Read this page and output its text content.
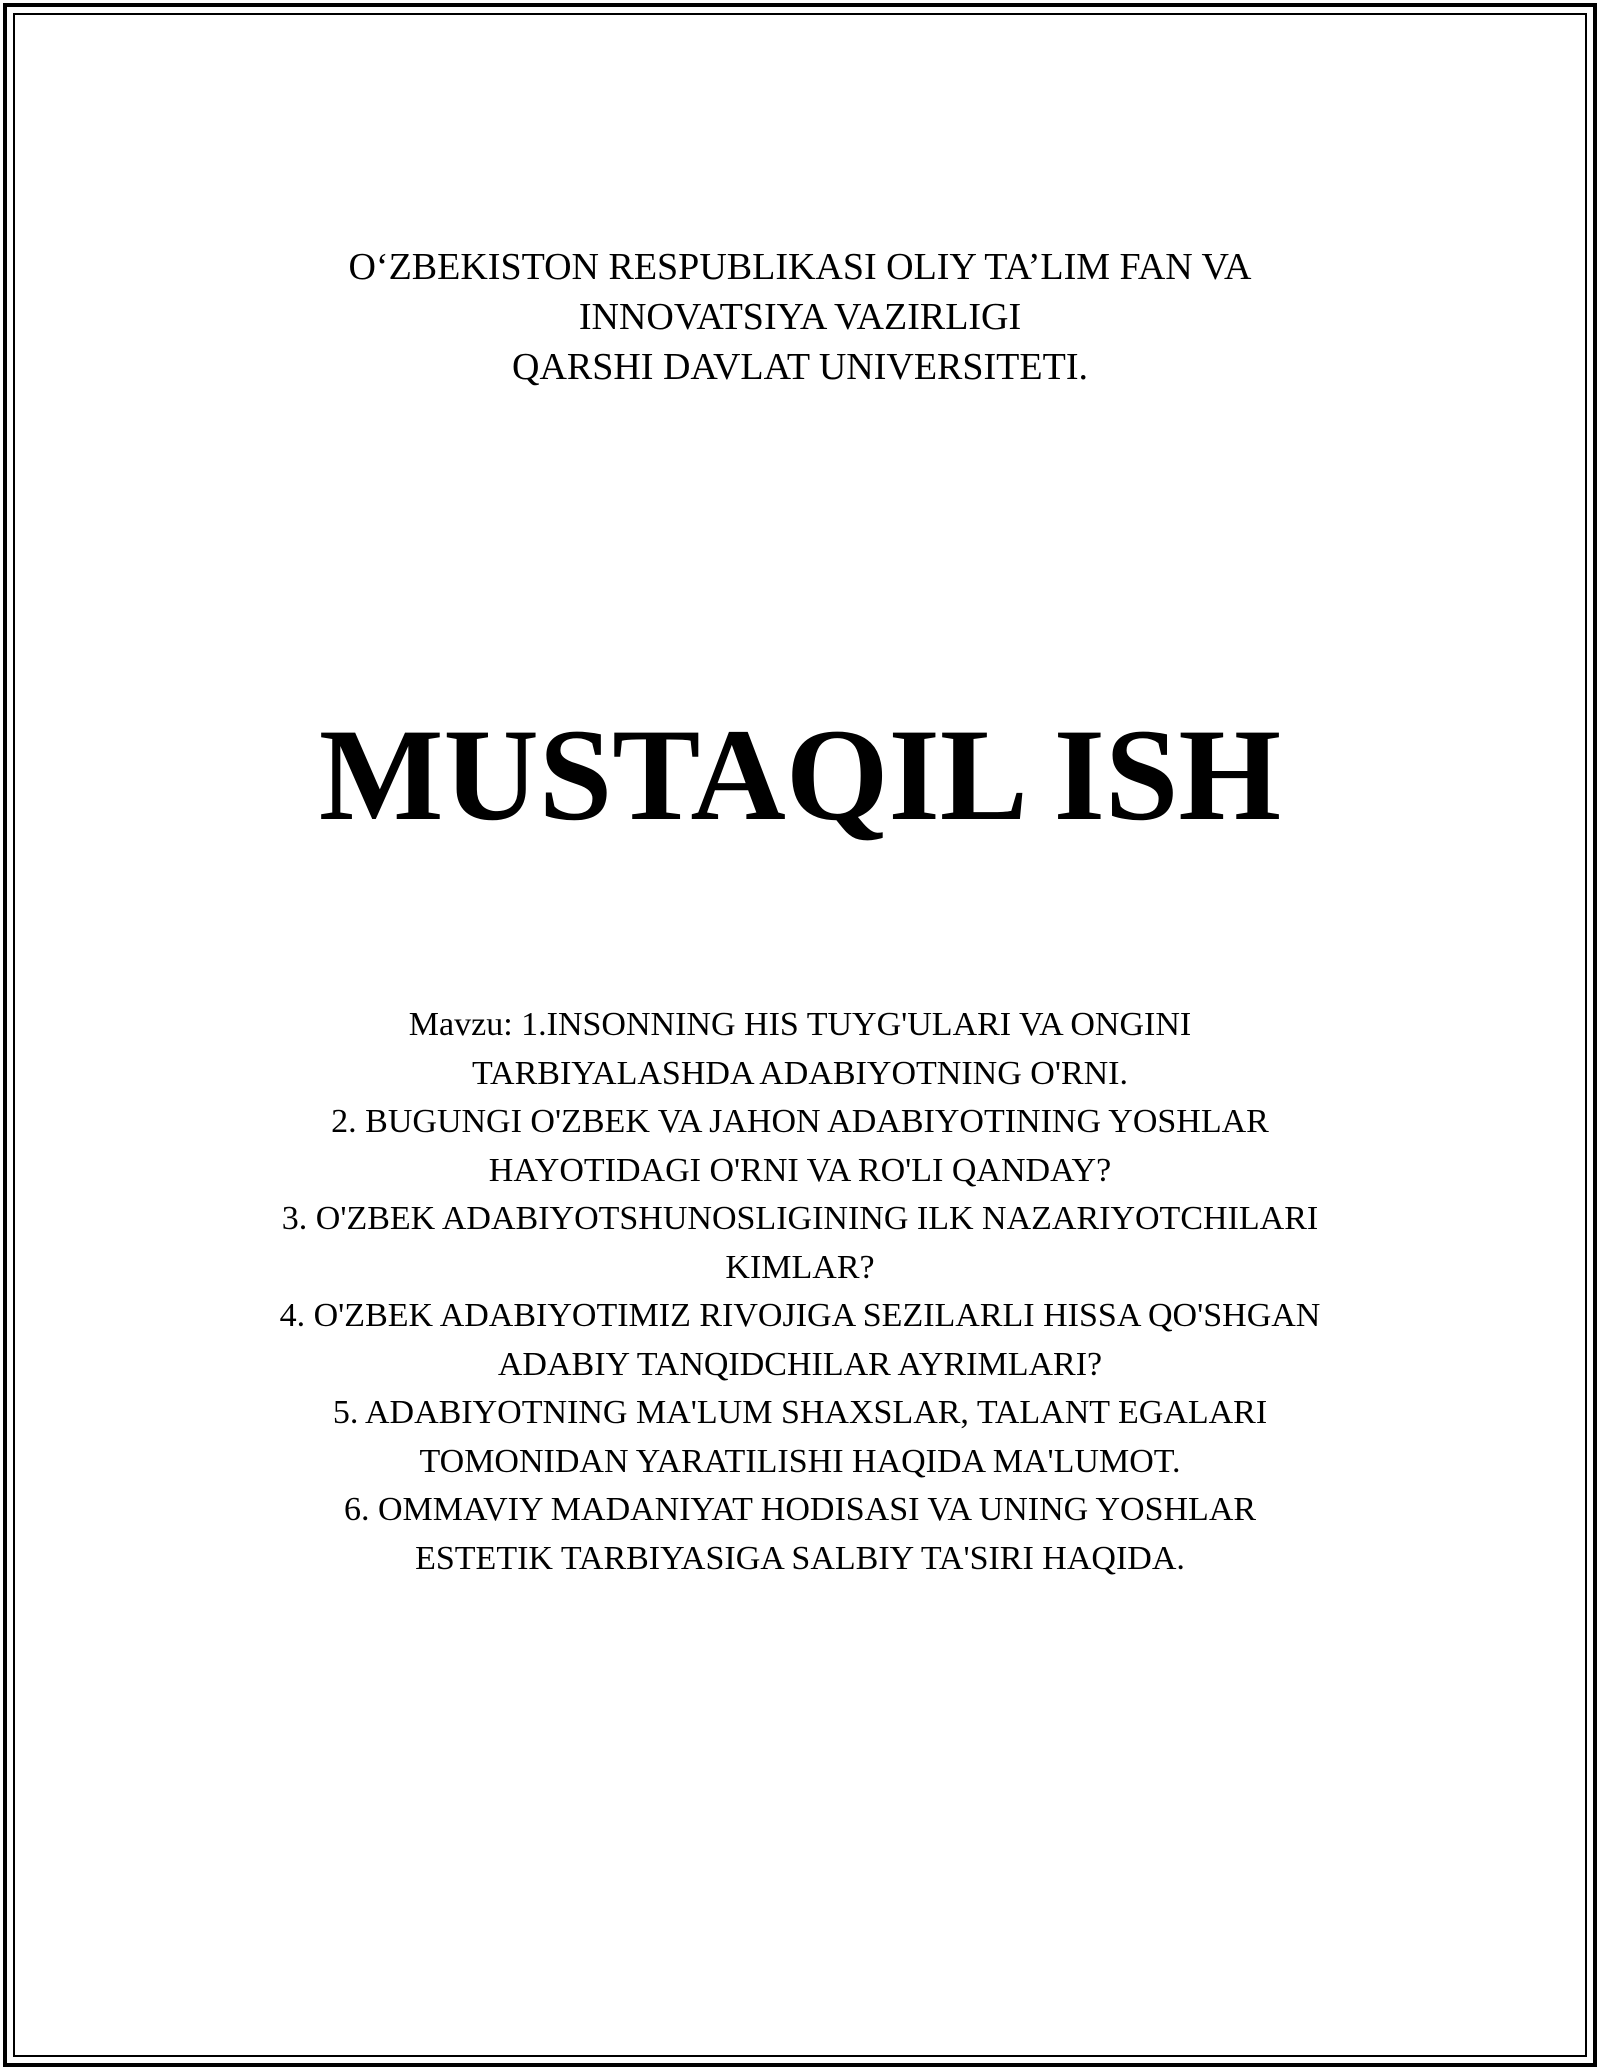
O‘ZBEKISTON RESPUBLIKASI OLIY TA’LIM FAN VA
INNOVATSIYA VAZIRLIGI
QARSHI DAVLAT UNIVERSITETI.
MUSTAQIL ISH
Mavzu: 1.INSONNING HIS TUYG'ULARI VA ONGINI
TARBIYALASHDA ADABIYOTNING O'RNI.
2. BUGUNGI O'ZBEK VA JAHON ADABIYOTINING YOSHLAR
HAYOTIDAGI O'RNI VA RO'LI QANDAY?
3. O'ZBEK ADABIYOTSHUNOSLIGINING ILK NAZARIYOTCHILARI
KIMLAR?
4. O'ZBEK ADABIYOTIMIZ RIVOJIGA SEZILARLI HISSA QO'SHGAN
ADABIY TANQIDCHILAR AYRIMLARI?
5. ADABIYOTNING MA'LUM SHAXSLAR, TALANT EGALARI
TOMONIDAN YARATILISHI HAQIDA MA'LUMOT.
6. OMMAVIY MADANIYAT HODISASI VA UNING YOSHLAR
ESTETIK TARBIYASIGA SALBIY TA'SIRI HAQIDA.
